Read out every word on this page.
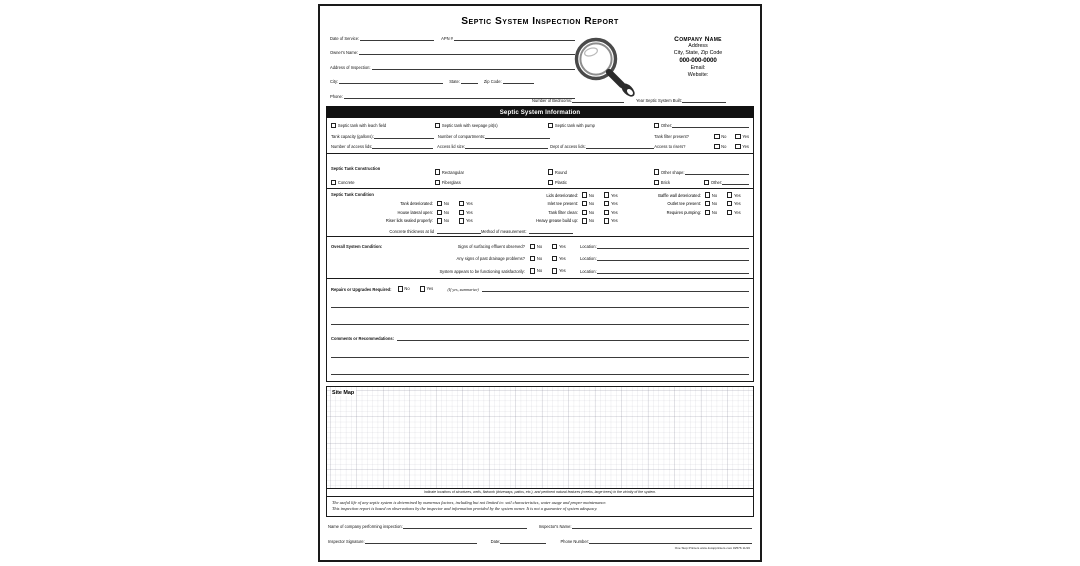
Septic System Inspection Report
Date of Service:	APN #
Owner's Name:
Address of Inspection:
City:	State:	Zip Code:
Phone:
Company Name
Address
City, State, Zip Code
000-000-0000
Email:
Website:
Number of Bedrooms:	Year Septic System Built:
Septic System Information
Septic tank with leach field	Septic tank with seepage pit(s)	Septic tank with pump	Other:
Tank capacity (gallons):	Number of compartments:	Tank filter present?	No	Yes
Number of access lids:	Access lid size:	Dept of access lids:	Access to risers?	No	Yes
Septic Tank Construction
Rectangular	Round	Other shape:
Concrete	Fiberglass	Plastic	Brick	Other:
Septic Tank Condition
Tank deteriorated:	No	Yes
House lateral open:	No	Yes
Riser lids sealed properly:	No	Yes
Concrete thickness at lid
Lids deteriorated:	No	Yes
Inlet tee present:	No	Yes
Tank filter clean:	No	Yes
Heavy grease build up:	No	Yes
Method of measurement:
Baffle wall deteriorated:	No	Yes
Outlet tee present:	No	Yes
Requires pumping:	No	Yes
Overall System Condition:	Signs of surfacing effluent observed?	No	Yes	Location:
Any signs of past drainage problems?	No	Yes	Location:
System appears to be functioning satisfactorily:	No	Yes	Location:
Repairs or Upgrades Required:	No	Yes	(If yes, summarize)
Comments or Recommedations:
Site Map
Indicate locations of structures, wells, flatwork (driveways, patios, etc.), and pertinent natural features (creeks, large trees) in the vicinity of the system.
The useful life of any septic system is determined by numerous factors, including but not limited to: soil characteristics, water usage and proper maintenance.
This inspection report is based on observations by the inspector and information provided by the system owner. It is not a guarantee of system adequacy.
Name of company performing inspection:	Inspector's Name:
Inspector Signature:	Date:	Phone Number:
One Stop Printers www.1stopprinters.com #2576 11/16
